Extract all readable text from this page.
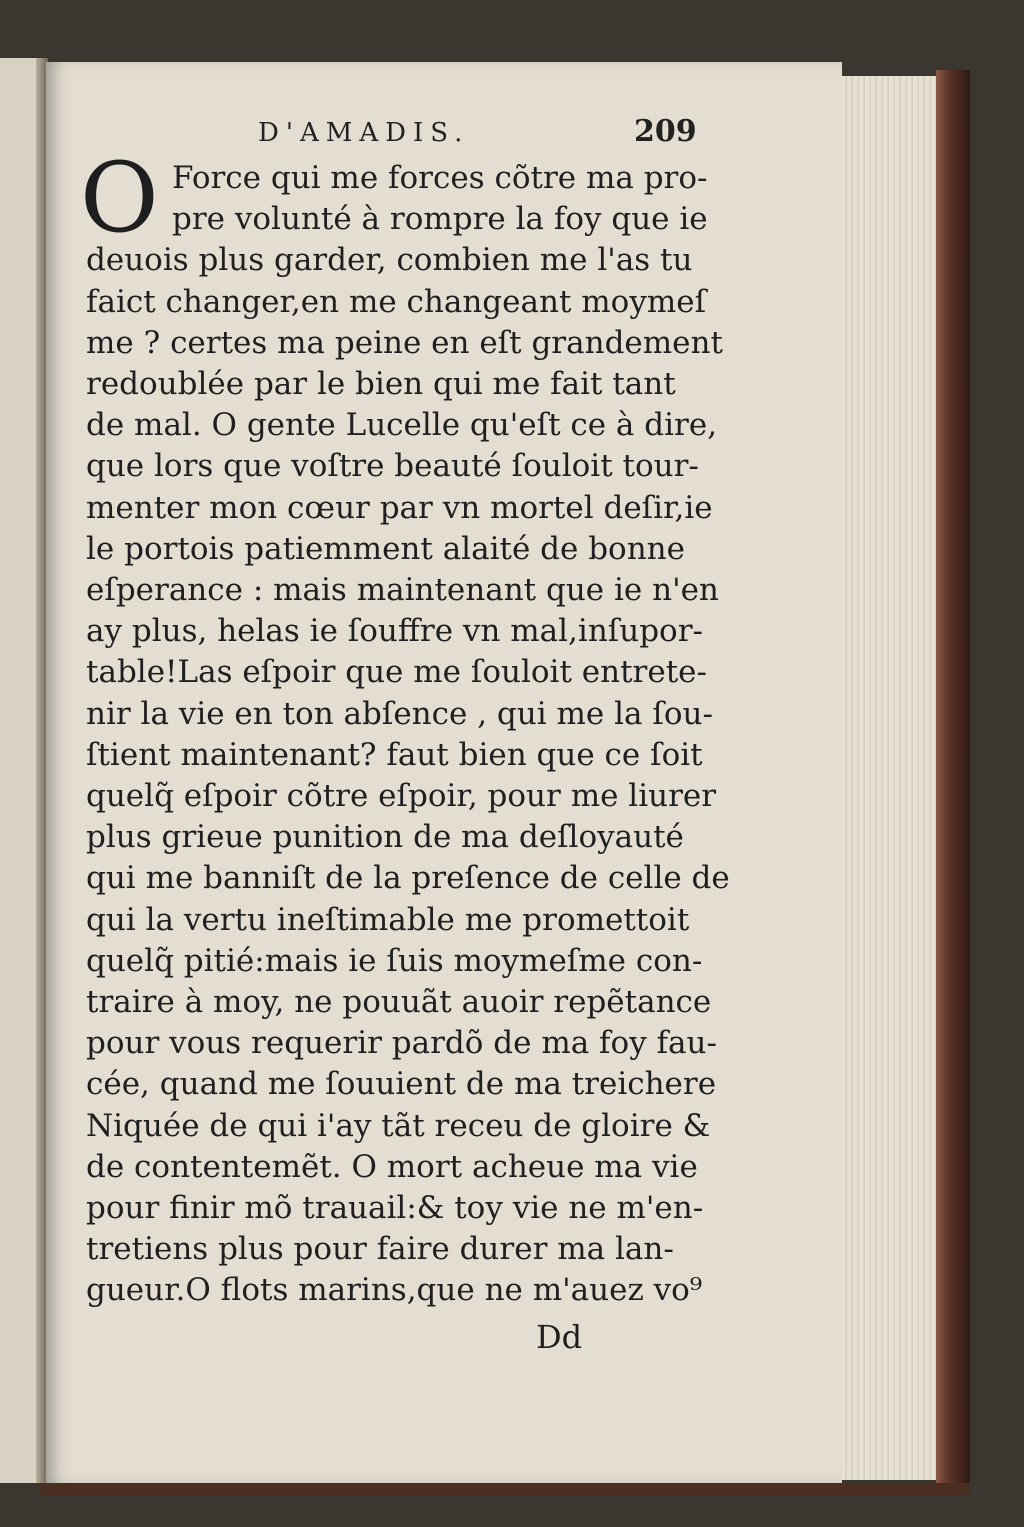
D'AMADIS.	209
O Force qui me forces cõtre ma pro-
pre volunté à rompre la foy que ie
deuois plus garder, combien me l'as tu
faict changer,en me changeant moymeſ
me ? certes ma peine en eſt grandement
redoublée par le bien qui me fait tant
de mal. O gente Lucelle qu'eſt ce à dire,
que lors que voſtre beauté ſouloit tour-
menter mon cœur par vn mortel deſir,ie
le portois patiemment alaité de bonne
eſperance : mais maintenant que ie n'en
ay plus, helas ie ſouffre vn mal,inſupor-
table!Las eſpoir que me ſouloit entrete-
nir la vie en ton abſence , qui me la ſou-
ſtient maintenant? faut bien que ce ſoit
quelq̃ eſpoir cõtre eſpoir, pour me liurer
plus grieue punition de ma deſloyauté
qui me banniſt de la preſence de celle de
qui la vertu ineſtimable me promettoit
quelq̃ pitié:mais ie ſuis moymeſme con-
traire à moy, ne pouuãt auoir repẽtance
pour vous requerir pardõ de ma foy fau-
cée, quand me ſouuient de ma treichere
Niquée de qui i'ay tãt receu de gloire &
de contentemẽt. O mort acheue ma vie
pour finir mõ trauail:& toy vie ne m'en-
tretiens plus pour faire durer ma lan-
gueur.O flots marins,que ne m'auez vo⁹
Dd
